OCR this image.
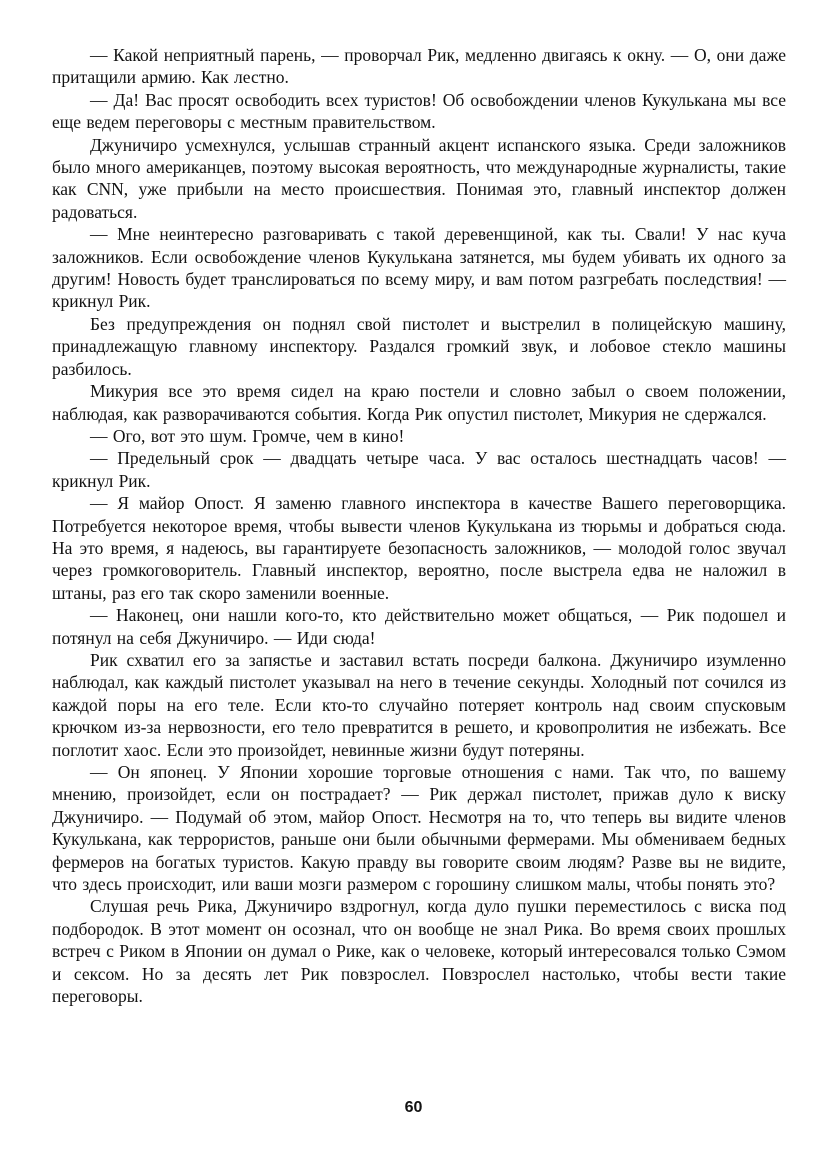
— Какой неприятный парень, — проворчал Рик, медленно двигаясь к окну. — О, они даже притащили армию. Как лестно.

— Да! Вас просят освободить всех туристов! Об освобождении членов Кукулькана мы все еще ведем переговоры с местным правительством.

Джуничиро усмехнулся, услышав странный акцент испанского языка. Среди заложников было много американцев, поэтому высокая вероятность, что международные журналисты, такие как CNN, уже прибыли на место происшествия. Понимая это, главный инспектор должен радоваться.

— Мне неинтересно разговаривать с такой деревенщиной, как ты. Свали! У нас куча заложников. Если освобождение членов Кукулькана затянется, мы будем убивать их одного за другим! Новость будет транслироваться по всему миру, и вам потом разгребать последствия! — крикнул Рик.

Без предупреждения он поднял свой пистолет и выстрелил в полицейскую машину, принадлежащую главному инспектору. Раздался громкий звук, и лобовое стекло машины разбилось.

Микурия все это время сидел на краю постели и словно забыл о своем положении, наблюдая, как разворачиваются события. Когда Рик опустил пистолет, Микурия не сдержался.

— Ого, вот это шум. Громче, чем в кино!

— Предельный срок — двадцать четыре часа. У вас осталось шестнадцать часов! — крикнул Рик.

— Я майор Опост. Я заменю главного инспектора в качестве Вашего переговорщика. Потребуется некоторое время, чтобы вывести членов Кукулькана из тюрьмы и добраться сюда. На это время, я надеюсь, вы гарантируете безопасность заложников, — молодой голос звучал через громкоговоритель. Главный инспектор, вероятно, после выстрела едва не наложил в штаны, раз его так скоро заменили военные.

— Наконец, они нашли кого-то, кто действительно может общаться, — Рик подошел и потянул на себя Джуничиро. — Иди сюда!

Рик схватил его за запястье и заставил встать посреди балкона. Джуничиро изумленно наблюдал, как каждый пистолет указывал на него в течение секунды. Холодный пот сочился из каждой поры на его теле. Если кто-то случайно потеряет контроль над своим спусковым крючком из-за нервозности, его тело превратится в решето, и кровопролития не избежать. Все поглотит хаос. Если это произойдет, невинные жизни будут потеряны.

— Он японец. У Японии хорошие торговые отношения с нами. Так что, по вашему мнению, произойдет, если он пострадает? — Рик держал пистолет, прижав дуло к виску Джуничиро. — Подумай об этом, майор Опост. Несмотря на то, что теперь вы видите членов Кукулькана, как террористов, раньше они были обычными фермерами. Мы обмениваем бедных фермеров на богатых туристов. Какую правду вы говорите своим людям? Разве вы не видите, что здесь происходит, или ваши мозги размером с горошину слишком малы, чтобы понять это?

Слушая речь Рика, Джуничиро вздрогнул, когда дуло пушки переместилось с виска под подбородок. В этот момент он осознал, что он вообще не знал Рика. Во время своих прошлых встреч с Риком в Японии он думал о Рике, как о человеке, который интересовался только Сэмом и сексом. Но за десять лет Рик повзрослел. Повзрослел настолько, чтобы вести такие переговоры.

60
